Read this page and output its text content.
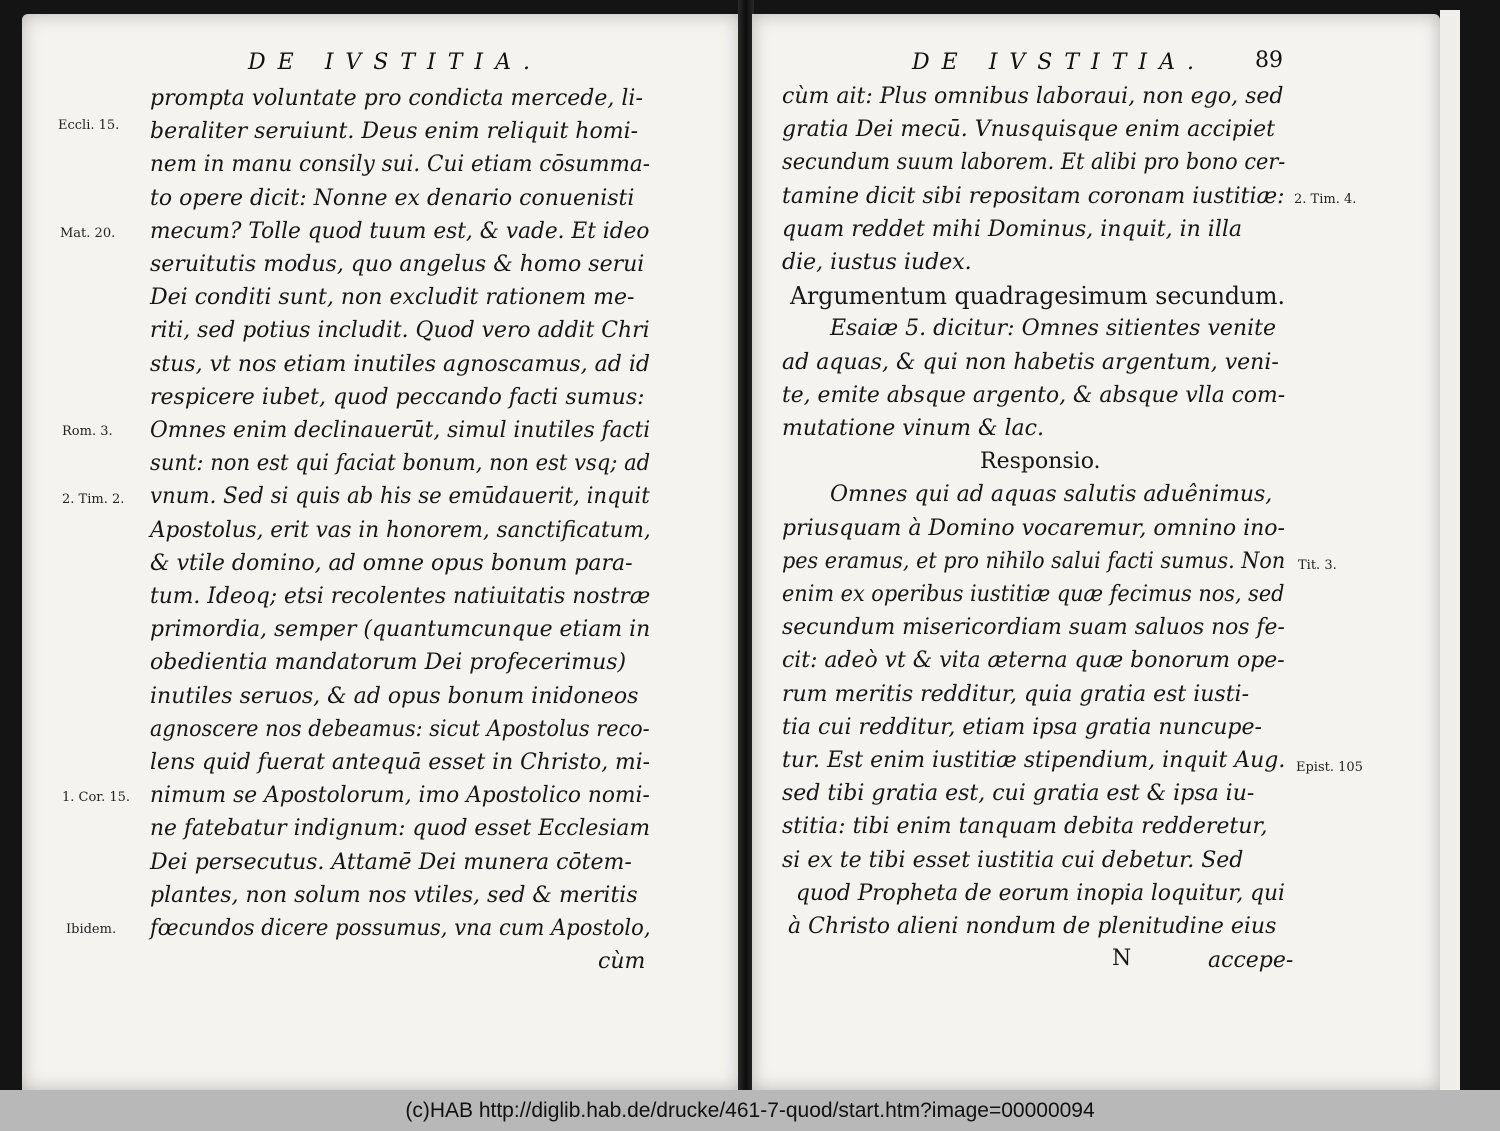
DE IVSTITIA.
prompta voluntate pro condicta mercede, li-
beraliter seruiunt. Deus enim reliquit homi-
nem in manu consily sui. Cui etiam cōsumma-
to opere dicit: Nonne ex denario conuenisti
mecum? Tolle quod tuum est, & vade. Et ideo
seruitutis modus, quo angelus & homo serui
Dei conditi sunt, non excludit rationem me-
riti, sed potius includit. Quod vero addit Chri
stus, vt nos etiam inutiles agnoscamus, ad id
respicere iubet, quod peccando facti sumus:
Omnes enim declinauerūt, simul inutiles facti
sunt: non est qui faciat bonum, non est vsq; ad
vnum. Sed si quis ab his se emūdauerit, inquit
Apostolus, erit vas in honorem, sanctificatum,
& vtile domino, ad omne opus bonum para-
tum. Ideoq; etsi recolentes natiuitatis nostræ
primordia, semper (quantumcunque etiam in
obedientia mandatorum Dei profecerimus)
inutiles seruos, & ad opus bonum inidoneos
agnoscere nos debeamus: sicut Apostolus reco-
lens quid fuerat antequā esset in Christo, mi-
nimum se Apostolorum, imo Apostolico nomi-
ne fatebatur indignum: quod esset Ecclesiam
Dei persecutus. Attamē Dei munera cōtem-
plantes, non solum nos vtiles, sed & meritis
fœcundos dicere possumus, vna cum Apostolo,
cùm
Eccli. 15.
Mat. 20.
Rom. 3.
2. Tim. 2.
1. Cor. 15.
Ibidem.
DE IVSTITIA. 89
cùm ait: Plus omnibus laboraui, non ego, sed
gratia Dei mecū. Vnusquisque enim accipiet
secundum suum laborem. Et alibi pro bono cer-
tamine dicit sibi repositam coronam iustitiæ:
quam reddet mihi Dominus, inquit, in illa
die, iustus iudex.
Argumentum quadragesimum secundum.
Esaiæ 5. dicitur: Omnes sitientes venite
ad aquas, & qui non habetis argentum, veni-
te, emite absque argento, & absque vlla com-
mutatione vinum & lac.
Responsio.
Omnes qui ad aquas salutis aduênimus,
priusquam à Domino vocaremur, omnino ino-
pes eramus, et pro nihilo salui facti sumus. Non
enim ex operibus iustitiæ quæ fecimus nos, sed
secundum misericordiam suam saluos nos fe-
cit: adeò vt & vita æterna quæ bonorum ope-
rum meritis redditur, quia gratia est iusti-
tia cui redditur, etiam ipsa gratia nuncupe-
tur. Est enim iustitiæ stipendium, inquit Aug.
sed tibi gratia est, cui gratia est & ipsa iu-
stitia: tibi enim tanquam debita redderetur,
si ex te tibi esset iustitia cui debetur. Sed
quod Propheta de eorum inopia loquitur, qui
à Christo alieni nondum de plenitudine eius
2. Tim. 4.
Tit. 3.
Epist. 105
N	accepe-
(c)HAB http://diglib.hab.de/drucke/461-7-quod/start.htm?image=00000094
